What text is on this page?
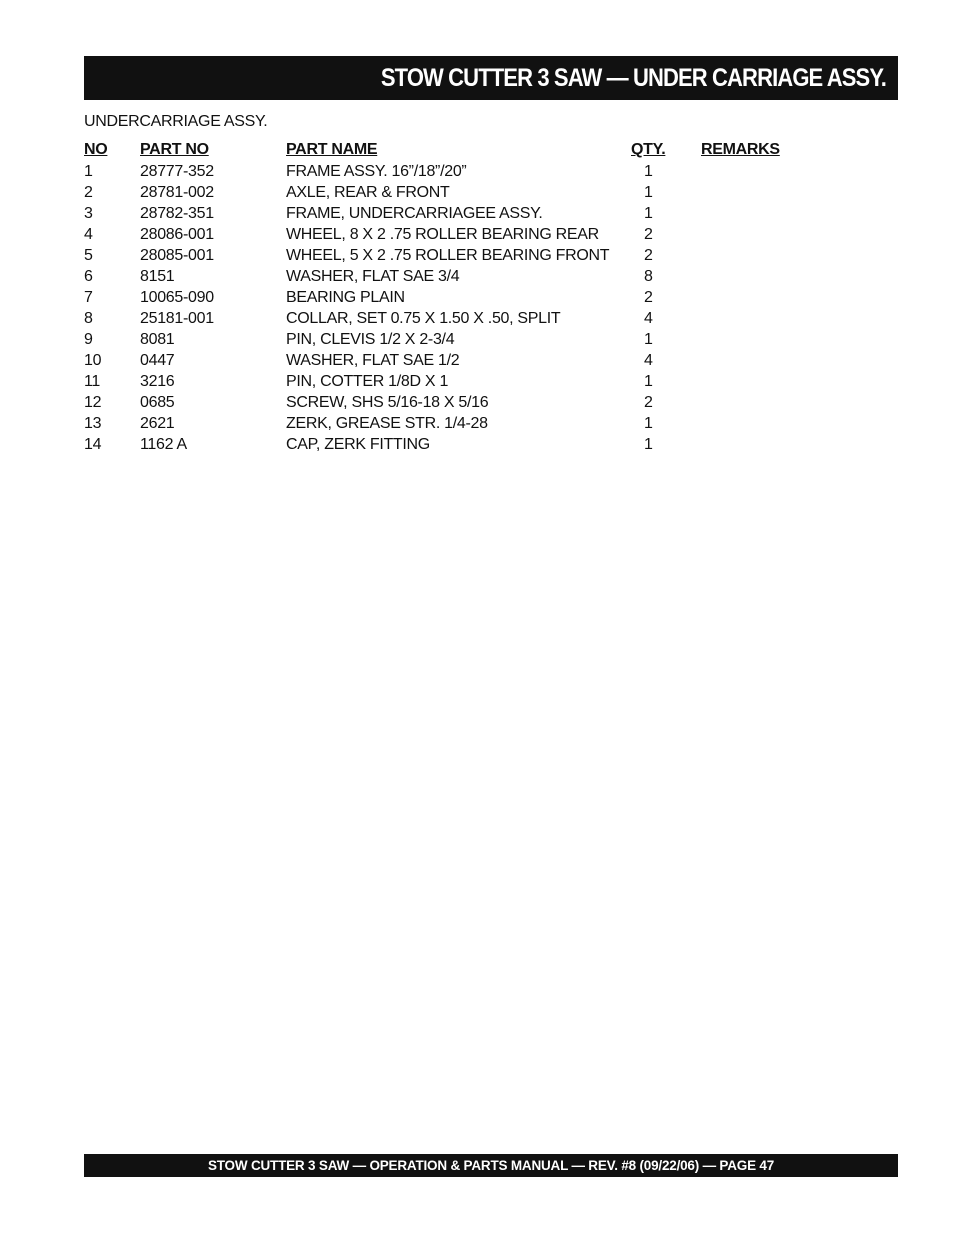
STOW CUTTER 3 SAW — UNDER CARRIAGE ASSY.
UNDERCARRIAGE ASSY.
NO	PART NO	PART NAME	QTY.	REMARKS
1	28777-352	FRAME ASSY. 16”/18”/20”	1	
2	28781-002	AXLE, REAR & FRONT	1	
3	28782-351	FRAME, UNDERCARRIAGEE ASSY.	1	
4	28086-001	WHEEL, 8 X 2 .75 ROLLER BEARING REAR	2	
5	28085-001	WHEEL, 5 X 2 .75 ROLLER BEARING FRONT	2	
6	8151	WASHER, FLAT SAE 3/4	8	
7	10065-090	BEARING PLAIN	2	
8	25181-001	COLLAR, SET 0.75 X 1.50 X .50, SPLIT	4	
9	8081	PIN, CLEVIS 1/2 X 2-3/4	1	
10	0447	WASHER, FLAT SAE 1/2	4	
11	3216	PIN, COTTER 1/8D X 1	1	
12	0685	SCREW, SHS 5/16-18 X 5/16	2	
13	2621	ZERK, GREASE STR. 1/4-28	1	
14	1162 A	CAP, ZERK FITTING	1	
STOW CUTTER 3 SAW — OPERATION & PARTS MANUAL — REV. #8 (09/22/06) — PAGE 47
